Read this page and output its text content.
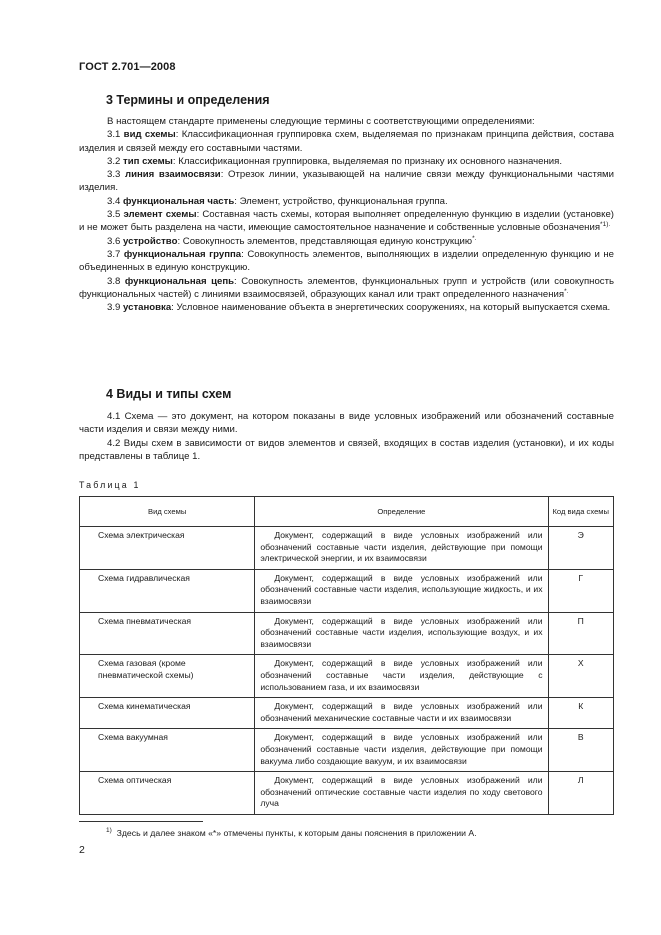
ГОСТ 2.701—2008
3 Термины и определения

В настоящем стандарте применены следующие термины с соответствующими определениями:

3.1 вид схемы: Классификационная группировка схем, выделяемая по признакам принципа действия, состава изделия и связей между его составными частями.

3.2 тип схемы: Классификационная группировка, выделяемая по признаку их основного назначения.

3.3 линия взаимосвязи: Отрезок линии, указывающей на наличие связи между функциональными частями изделия.

3.4 функциональная часть: Элемент, устройство, функциональная группа.

3.5 элемент схемы: Составная часть схемы, которая выполняет определенную функцию в изделии (установке) и не может быть разделена на части, имеющие самостоятельное назначение и собственные условные обозначения$^{*1).}$

3.6 устройство: Совокупность элементов, представляющая единую конструкцию*.

3.7 функциональная группа: Совокупность элементов, выполняющих в изделии определенную функцию и не объединенных в единую конструкцию.

3.8 функциональная цепь: Совокупность элементов, функциональных групп и устройств (или совокупность функциональных частей) с линиями взаимосвязей, образующих канал или тракт определенного назначения*.

3.9 установка: Условное наименование объекта в энергетических сооружениях, на который выпускается схема.

4 Виды и типы схем

4.1 Схема — это документ, на котором показаны в виде условных изображений или обозначений составные части изделия и связи между ними.

4.2 Виды схем в зависимости от видов элементов и связей, входящих в состав изделия (установки), и их коды представлены в таблице 1.

Таблица 1
Вид схемы	Определение	Код вида схемы
Схема электрическая	Документ, содержащий в виде условных изображений или обозначений составные части изделия, действующие при помощи электрической энергии, и их взаимосвязи	Э
Схема гидравлическая	Документ, содержащий в виде условных изображений или обозначений составные части изделия, использующие жидкость, и их взаимосвязи	Г
Схема пневматическая	Документ, содержащий в виде условных изображений или обозначений составные части изделия, использующие воздух, и их взаимосвязи	П
Схема газовая (кроме пневматической схемы)	Документ, содержащий в виде условных изображений или обозначений составные части изделия, действующие с использованием газа, и их взаимосвязи	Х
Схема кинематическая	Документ, содержащий в виде условных изображений или обозначений механические составные части и их взаимосвязи	К
Схема вакуумная	Документ, содержащий в виде условных изображений или обозначений составные части изделия, действующие при помощи вакуума либо создающие вакуум, и их взаимосвязи	В
Схема оптическая	Документ, содержащий в виде условных изображений или обозначений оптические составные части изделия по ходу светового луча	Л
$^{1)}$ Здесь и далее знаком «*» отмечены пункты, к которым даны пояснения в приложении А.
2
